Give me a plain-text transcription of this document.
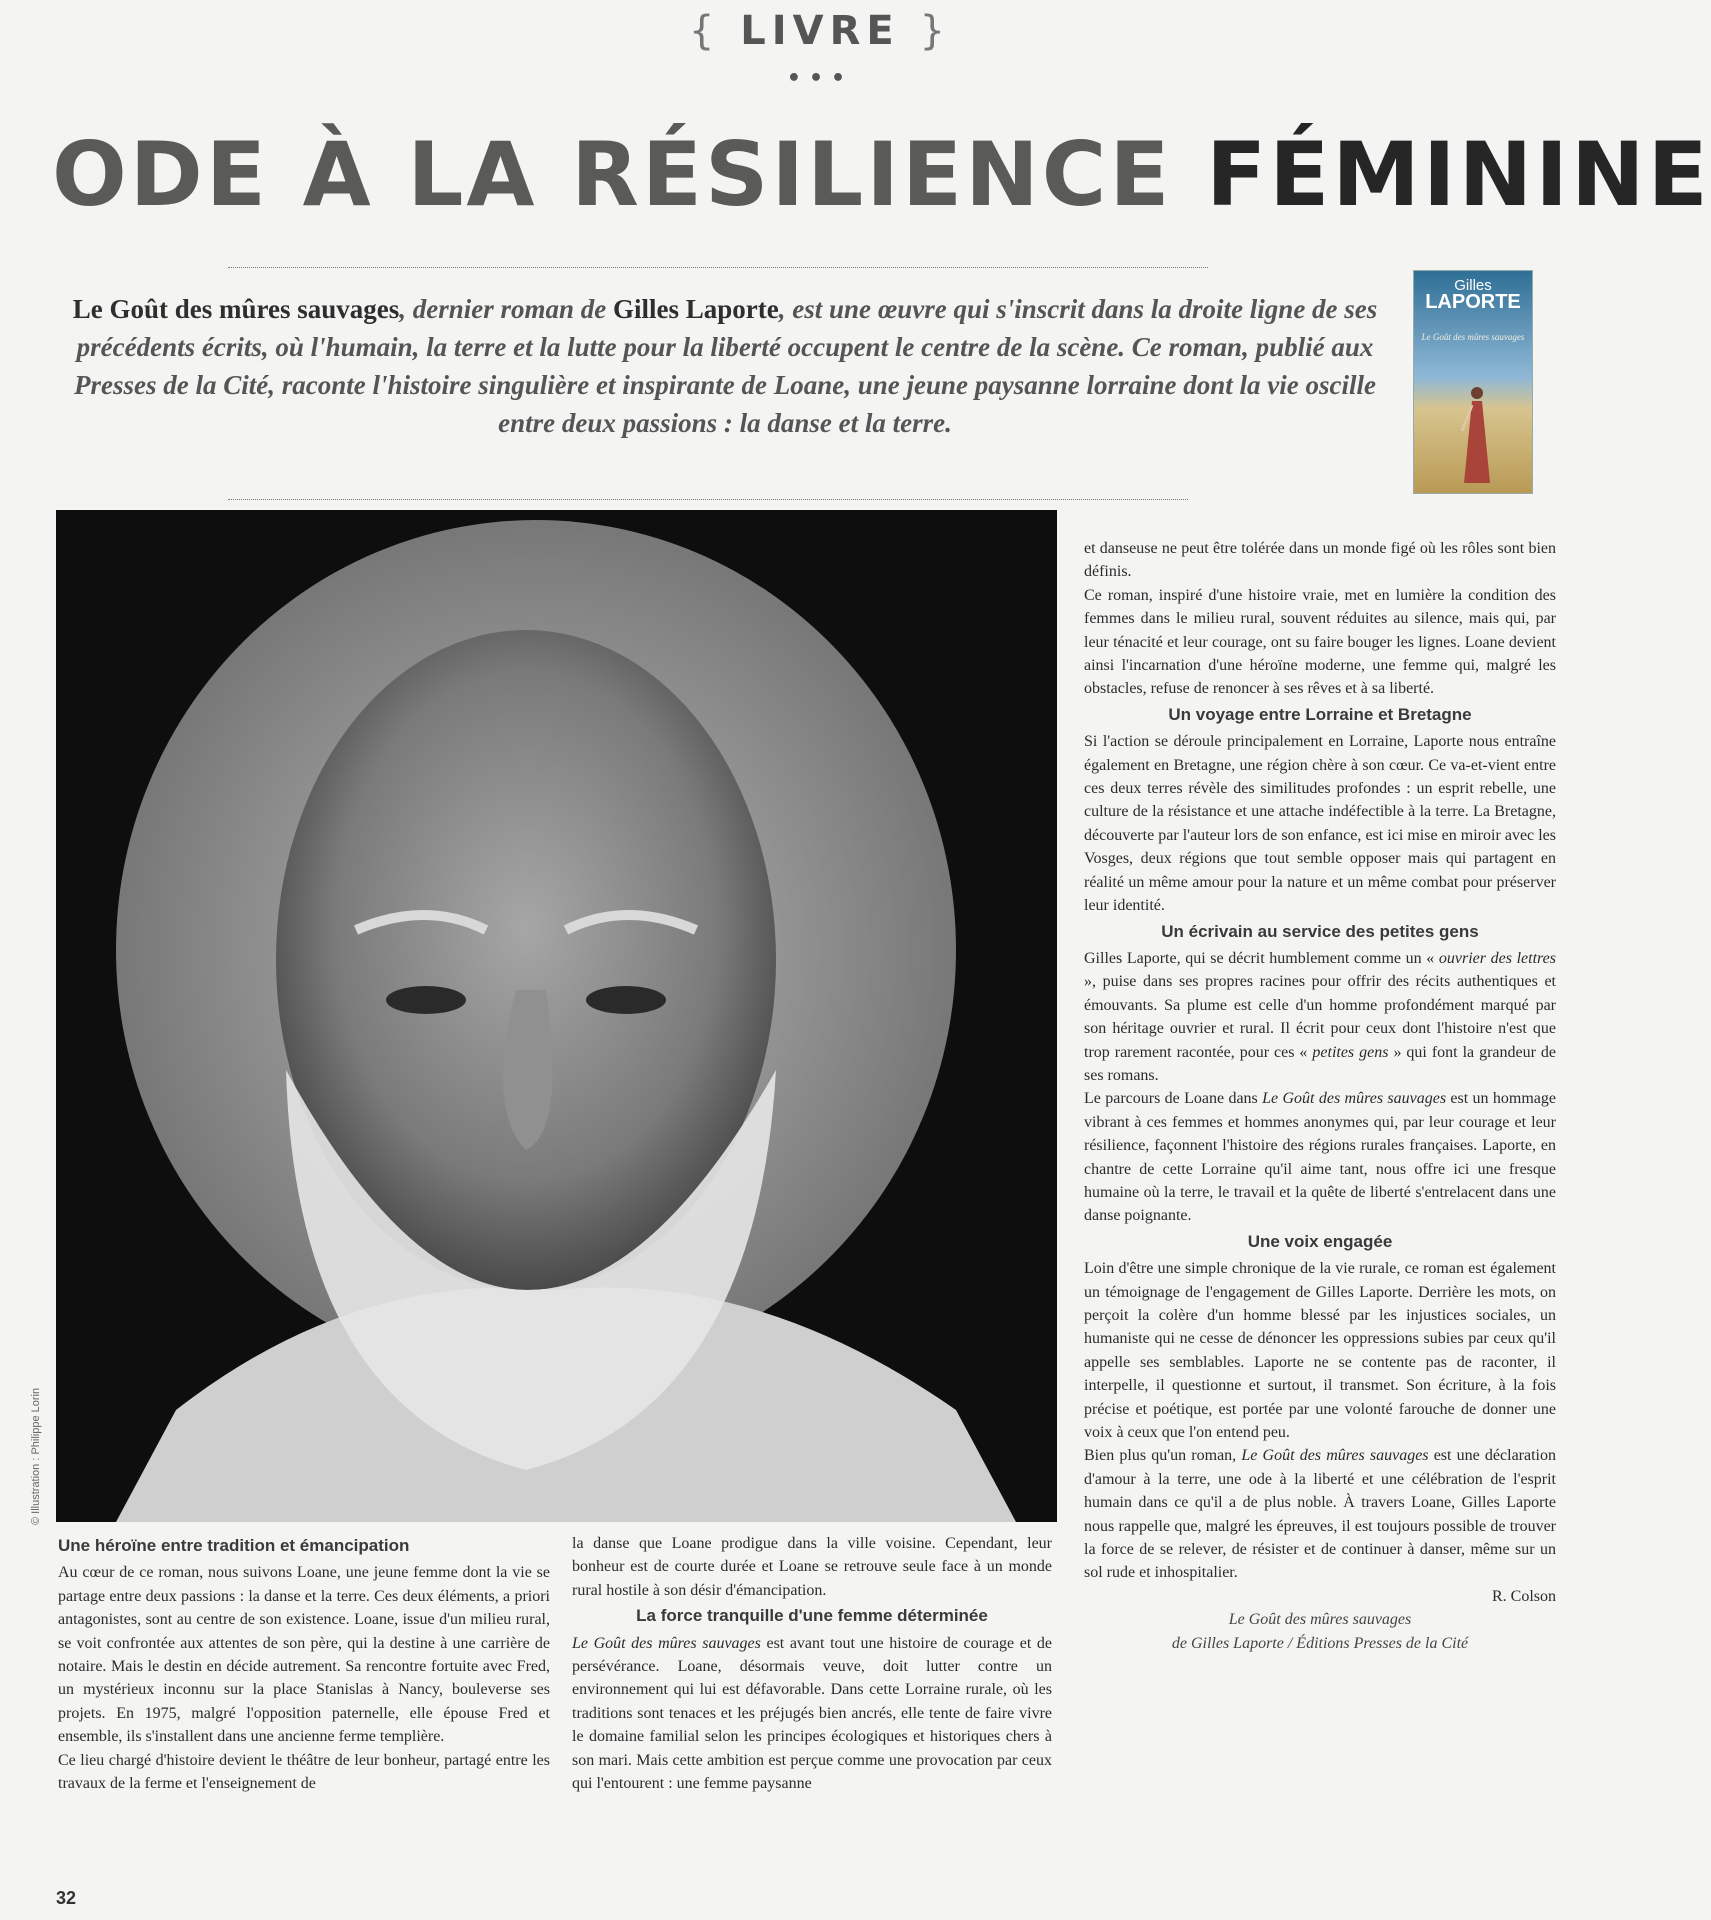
{ LIVRE }
•••
ODE À LA RÉSILIENCE FÉMININE
Le Goût des mûres sauvages, dernier roman de Gilles Laporte, est une œuvre qui s'inscrit dans la droite ligne de ses précédents écrits, où l'humain, la terre et la lutte pour la liberté occupent le centre de la scène. Ce roman, publié aux Presses de la Cité, raconte l'histoire singulière et inspirante de Loane, une jeune paysanne lorraine dont la vie oscille entre deux passions : la danse et la terre.
Gilles
LAPORTE
Le Goût des mûres sauvages
© Illustration : Philippe Lorin

Une héroïne entre tradition et émancipation

Au cœur de ce roman, nous suivons Loane, une jeune femme dont la vie se partage entre deux passions : la danse et la terre. Ces deux éléments, a priori antagonistes, sont au centre de son existence. Loane, issue d'un milieu rural, se voit confrontée aux attentes de son père, qui la destine à une carrière de notaire. Mais le destin en décide autrement. Sa rencontre fortuite avec Fred, un mystérieux inconnu sur la place Stanislas à Nancy, bouleverse ses projets. En 1975, malgré l'opposition paternelle, elle épouse Fred et ensemble, ils s'installent dans une ancienne ferme templière.

Ce lieu chargé d'histoire devient le théâtre de leur bonheur, partagé entre les travaux de la ferme et l'enseignement de

la danse que Loane prodigue dans la ville voisine. Cependant, leur bonheur est de courte durée et Loane se retrouve seule face à un monde rural hostile à son désir d'émancipation.

La force tranquille d'une femme déterminée

Le Goût des mûres sauvages est avant tout une histoire de courage et de persévérance. Loane, désormais veuve, doit lutter contre un environnement qui lui est défavorable. Dans cette Lorraine rurale, où les traditions sont tenaces et les préjugés bien ancrés, elle tente de faire vivre le domaine familial selon les principes écologiques et historiques chers à son mari. Mais cette ambition est perçue comme une provocation par ceux qui l'entourent : une femme paysanne

et danseuse ne peut être tolérée dans un monde figé où les rôles sont bien définis.

Ce roman, inspiré d'une histoire vraie, met en lumière la condition des femmes dans le milieu rural, souvent réduites au silence, mais qui, par leur ténacité et leur courage, ont su faire bouger les lignes. Loane devient ainsi l'incarnation d'une héroïne moderne, une femme qui, malgré les obstacles, refuse de renoncer à ses rêves et à sa liberté.

Un voyage entre Lorraine et Bretagne

Si l'action se déroule principalement en Lorraine, Laporte nous entraîne également en Bretagne, une région chère à son cœur. Ce va-et-vient entre ces deux terres révèle des similitudes profondes : un esprit rebelle, une culture de la résistance et une attache indéfectible à la terre. La Bretagne, découverte par l'auteur lors de son enfance, est ici mise en miroir avec les Vosges, deux régions que tout semble opposer mais qui partagent en réalité un même amour pour la nature et un même combat pour préserver leur identité.

Un écrivain au service des petites gens

Gilles Laporte, qui se décrit humblement comme un « ouvrier des lettres », puise dans ses propres racines pour offrir des récits authentiques et émouvants. Sa plume est celle d'un homme profondément marqué par son héritage ouvrier et rural. Il écrit pour ceux dont l'histoire n'est que trop rarement racontée, pour ces « petites gens » qui font la grandeur de ses romans.

Le parcours de Loane dans Le Goût des mûres sauvages est un hommage vibrant à ces femmes et hommes anonymes qui, par leur courage et leur résilience, façonnent l'histoire des régions rurales françaises. Laporte, en chantre de cette Lorraine qu'il aime tant, nous offre ici une fresque humaine où la terre, le travail et la quête de liberté s'entrelacent dans une danse poignante.

Une voix engagée

Loin d'être une simple chronique de la vie rurale, ce roman est également un témoignage de l'engagement de Gilles Laporte. Derrière les mots, on perçoit la colère d'un homme blessé par les injustices sociales, un humaniste qui ne cesse de dénoncer les oppressions subies par ceux qu'il appelle ses semblables. Laporte ne se contente pas de raconter, il interpelle, il questionne et surtout, il transmet. Son écriture, à la fois précise et poétique, est portée par une volonté farouche de donner une voix à ceux que l'on entend peu.

Bien plus qu'un roman, Le Goût des mûres sauvages est une déclaration d'amour à la terre, une ode à la liberté et une célébration de l'esprit humain dans ce qu'il a de plus noble. À travers Loane, Gilles Laporte nous rappelle que, malgré les épreuves, il est toujours possible de trouver la force de se relever, de résister et de continuer à danser, même sur un sol rude et inhospitalier.

R. Colson

Le Goût des mûres sauvages
de Gilles Laporte / Éditions Presses de la Cité

32
